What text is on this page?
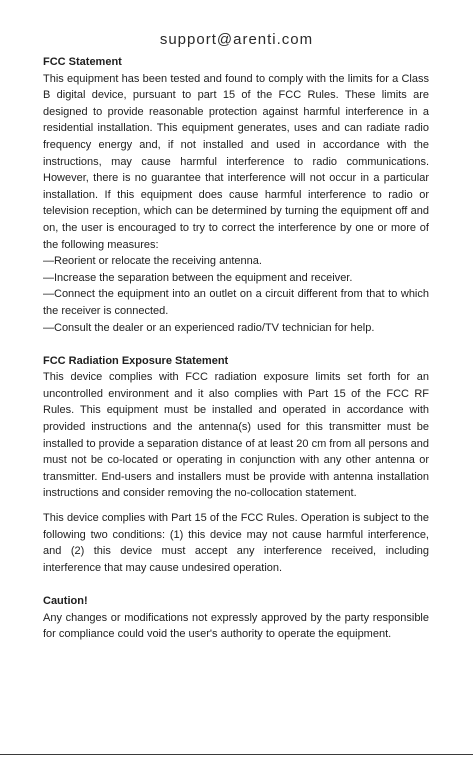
support@arenti.com

FCC Statement

This equipment has been tested and found to comply with the limits for a Class B digital device, pursuant to part 15 of the FCC Rules. These limits are designed to provide reasonable protection against harmful interference in a residential installation. This equipment generates, uses and can radiate radio frequency energy and, if not installed and used in accordance with the instructions, may cause harmful interference to radio communications. However, there is no guarantee that interference will not occur in a particular installation. If this equipment does cause harmful interference to radio or television reception, which can be determined by turning the equipment off and on, the user is encouraged to try to correct the interference by one or more of the following measures:

—Reorient or relocate the receiving antenna.

—Increase the separation between the equipment and receiver.

—Connect the equipment into an outlet on a circuit different from that to which the receiver is connected.

—Consult the dealer or an experienced radio/TV technician for help.

FCC Radiation Exposure Statement

This device complies with FCC radiation exposure limits set forth for an uncontrolled environment and it also complies with Part 15 of the FCC RF Rules. This equipment must be installed and operated in accordance with provided instructions and the antenna(s) used for this transmitter must be installed to provide a separation distance of at least 20 cm from all persons and must not be co-located or operating in conjunction with any other antenna or transmitter. End-users and installers must be provide with antenna installation instructions and consider removing the no-collocation statement.

This device complies with Part 15 of the FCC Rules. Operation is subject to the following two conditions: (1) this device may not cause harmful interference, and (2) this device must accept any interference received, including interference that may cause undesired operation.

Caution!

Any changes or modifications not expressly approved by the party responsible for compliance could void the user's authority to operate the equipment.
